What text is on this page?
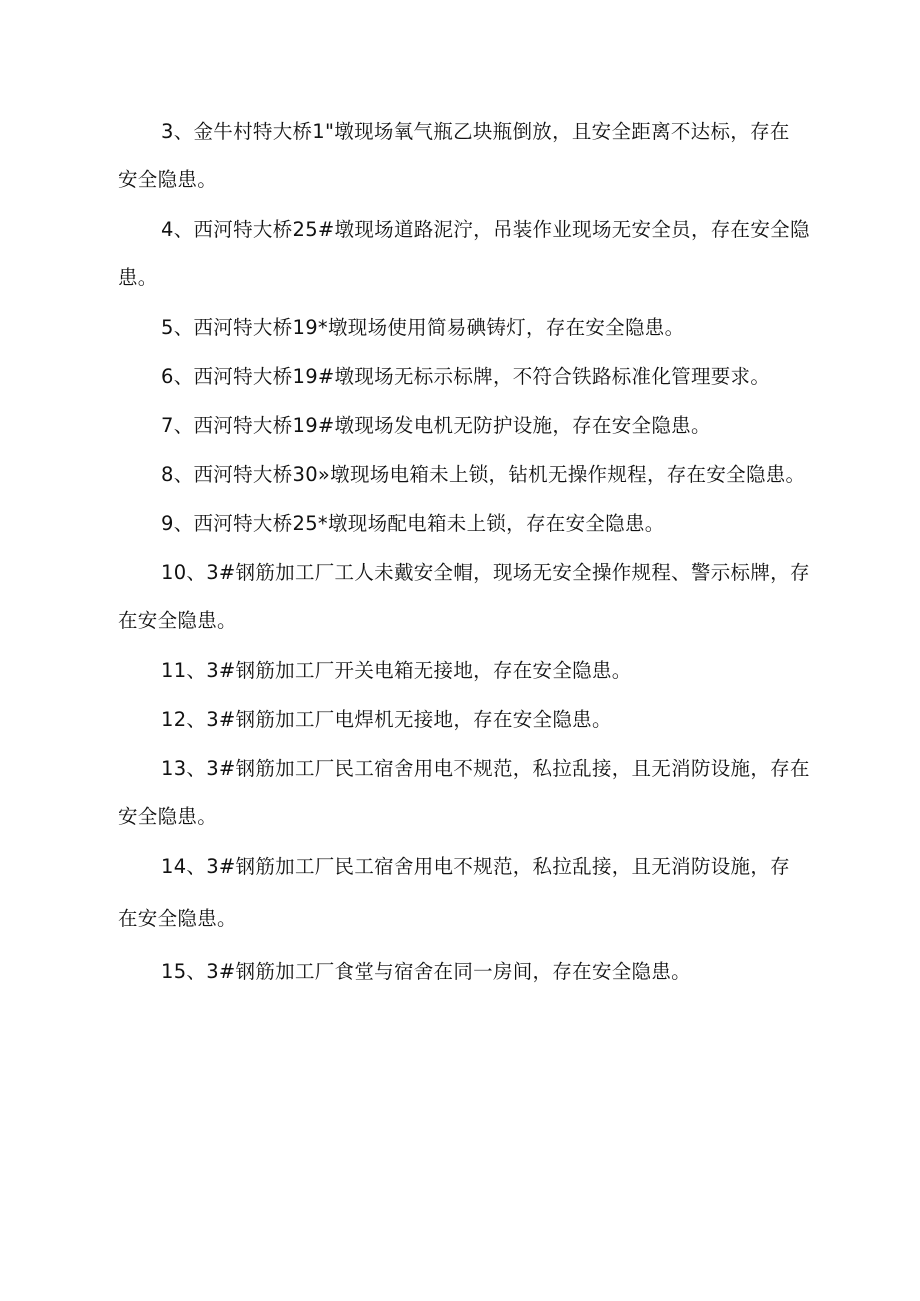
3、金牛村特大桥1"墩现场氧气瓶乙块瓶倒放，且安全距离不达标，存在
安全隐患。
4、西河特大桥25#墩现场道路泥泞，吊装作业现场无安全员，存在安全隐
患。
5、西河特大桥19*墩现场使用简易碘铸灯，存在安全隐患。
6、西河特大桥19#墩现场无标示标牌，不符合铁路标准化管理要求。
7、西河特大桥19#墩现场发电机无防护设施，存在安全隐患。
8、西河特大桥30»墩现场电箱未上锁，钻机无操作规程，存在安全隐患。
9、西河特大桥25*墩现场配电箱未上锁，存在安全隐患。
10、3#钢筋加工厂工人未戴安全帽，现场无安全操作规程、警示标牌，存
在安全隐患。
11、3#钢筋加工厂开关电箱无接地，存在安全隐患。
12、3#钢筋加工厂电焊机无接地，存在安全隐患。
13、3#钢筋加工厂民工宿舍用电不规范，私拉乱接，且无消防设施，存在
安全隐患。
14、3#钢筋加工厂民工宿舍用电不规范，私拉乱接，且无消防设施，存
在安全隐患。
15、3#钢筋加工厂食堂与宿舍在同一房间，存在安全隐患。
